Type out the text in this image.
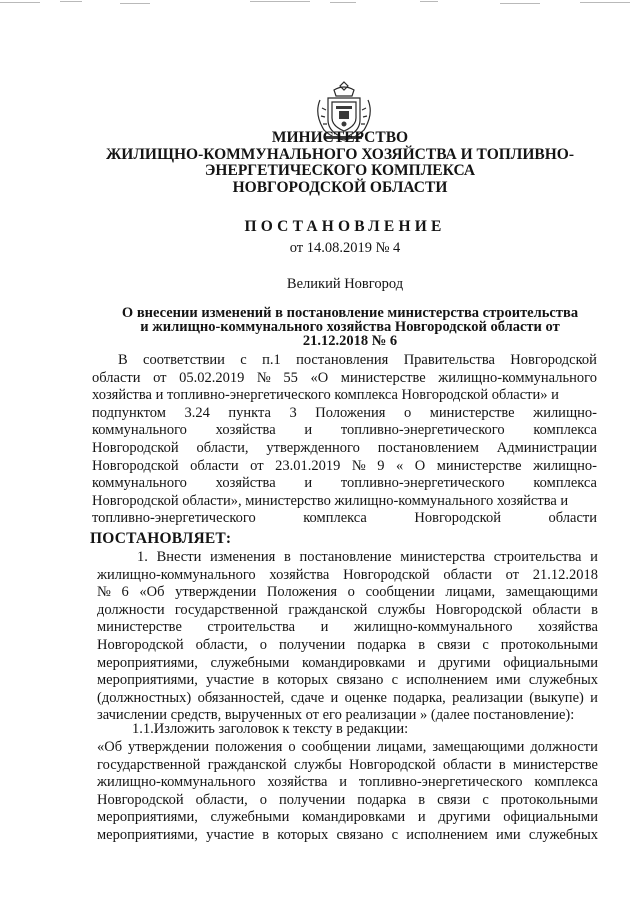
МИНИСТЕРСТВО
ЖИЛИЩНО-КОММУНАЛЬНОГО ХОЗЯЙСТВА И ТОПЛИВНО-
ЭНЕРГЕТИЧЕСКОГО КОМПЛЕКСА
НОВГОРОДСКОЙ ОБЛАСТИ
ПОСТАНОВЛЕНИЕ
от 14.08.2019 № 4
Великий Новгород
О внесении изменений в постановление министерства строительства
и жилищно-коммунального хозяйства Новгородской области от
21.12.2018 № 6
В соответствии с п.1 постановления Правительства Новгородской
области от 05.02.2019 № 55 «О министерстве жилищно-коммунального
хозяйства и топливно-энергетического комплекса Новгородской области» и
подпунктом 3.24 пункта 3 Положения о министерстве жилищно-
коммунального хозяйства и топливно-энергетического комплекса
Новгородской области, утвержденного постановлением Администрации
Новгородской области от 23.01.2019 № 9 « О министерстве жилищно-
коммунального хозяйства и топливно-энергетического комплекса
Новгородской области», министерство жилищно-коммунального хозяйства и
топливно-энергетического	комплекса	Новгородской	области
ПОСТАНОВЛЯЕТ:
1. Внести изменения в постановление министерства строительства и
жилищно-коммунального хозяйства Новгородской области от 21.12.2018
№ 6 «Об утверждении Положения о сообщении лицами, замещающими
должности государственной гражданской службы Новгородской области в
министерстве строительства и жилищно-коммунального хозяйства
Новгородской области, о получении подарка в связи с протокольными
мероприятиями, служебными командировками и другими официальными
мероприятиями, участие в которых связано с исполнением ими служебных
(должностных) обязанностей, сдаче и оценке подарка, реализации (выкупе) и
зачислении средств, вырученных от его реализации » (далее постановление):
1.1.Изложить заголовок к тексту в редакции:
«Об утверждении положения о сообщении лицами, замещающими должности
государственной гражданской службы Новгородской области в министерстве
жилищно-коммунального хозяйства и топливно-энергетического комплекса
Новгородской области, о получении подарка в связи с протокольными
мероприятиями, служебными командировками и другими официальными
мероприятиями, участие в которых связано с исполнением ими служебных
